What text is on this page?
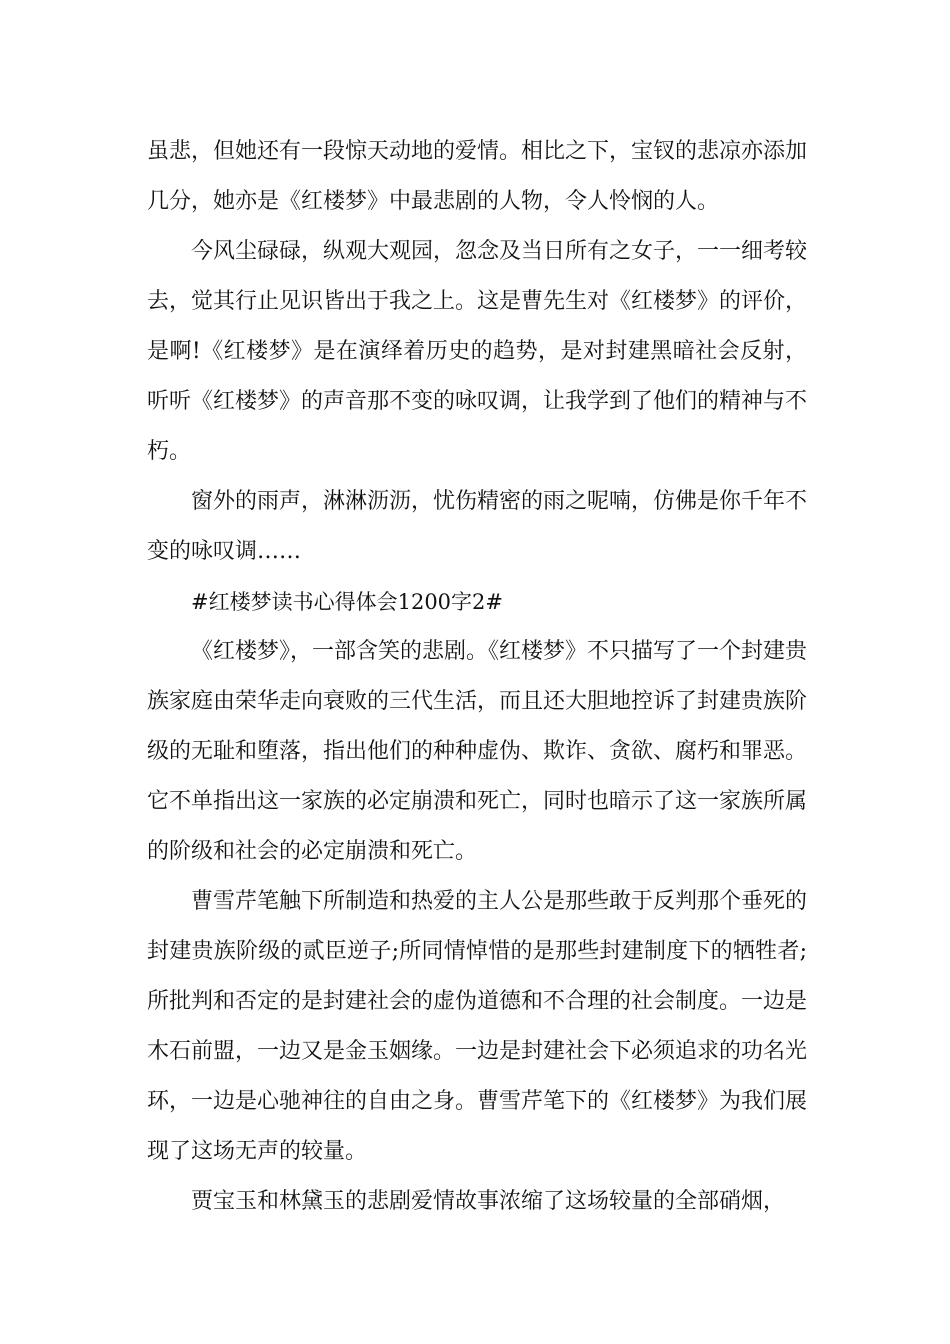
虽悲，但她还有一段惊天动地的爱情。相比之下，宝钗的悲凉亦添加几分，她亦是《红楼梦》中最悲剧的人物，令人怜悯的人。

今风尘碌碌，纵观大观园，忽念及当日所有之女子，一一细考较去，觉其行止见识皆出于我之上。这是曹先生对《红楼梦》的评价，是啊!《红楼梦》是在演绎着历史的趋势，是对封建黑暗社会反射，听听《红楼梦》的声音那不变的咏叹调，让我学到了他们的精神与不朽。

窗外的雨声，淋淋沥沥，忧伤精密的雨之呢喃，仿佛是你千年不变的咏叹调……

#红楼梦读书心得体会1200字2#

《红楼梦》，一部含笑的悲剧。《红楼梦》不只描写了一个封建贵族家庭由荣华走向衰败的三代生活，而且还大胆地控诉了封建贵族阶级的无耻和堕落，指出他们的种种虚伪、欺诈、贪欲、腐朽和罪恶。它不单指出这一家族的必定崩溃和死亡，同时也暗示了这一家族所属的阶级和社会的必定崩溃和死亡。

曹雪芹笔触下所制造和热爱的主人公是那些敢于反判那个垂死的封建贵族阶级的贰臣逆子;所同情悼惜的是那些封建制度下的牺牲者;所批判和否定的是封建社会的虚伪道德和不合理的社会制度。一边是木石前盟，一边又是金玉姻缘。一边是封建社会下必须追求的功名光环，一边是心驰神往的自由之身。曹雪芹笔下的《红楼梦》为我们展现了这场无声的较量。

贾宝玉和林黛玉的悲剧爱情故事浓缩了这场较量的全部硝烟，
